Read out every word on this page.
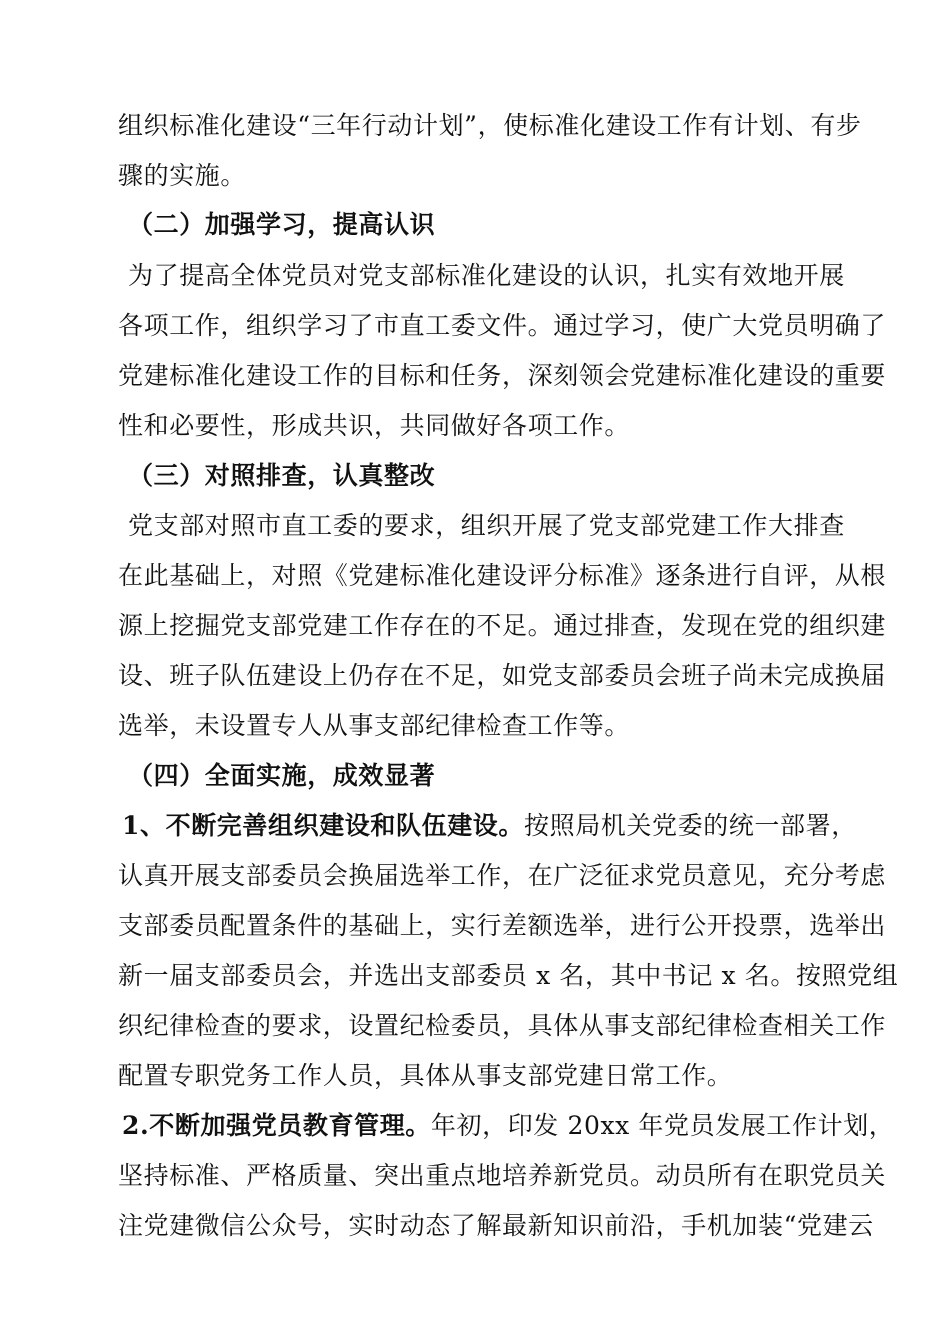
组织标准化建设“三年行动计划”，使标准化建设工作有计划、有步
骤的实施。
（二）加强学习，提高认识
为了提高全体党员对党支部标准化建设的认识，扎实有效地开展
各项工作，组织学习了市直工委文件。通过学习，使广大党员明确了
党建标准化建设工作的目标和任务，深刻领会党建标准化建设的重要
性和必要性，形成共识，共同做好各项工作。
（三）对照排查，认真整改
党支部对照市直工委的要求，组织开展了党支部党建工作大排查
在此基础上，对照《党建标准化建设评分标准》逐条进行自评，从根
源上挖掘党支部党建工作存在的不足。通过排查，发现在党的组织建
设、班子队伍建设上仍存在不足，如党支部委员会班子尚未完成换届
选举，未设置专人从事支部纪律检查工作等。
（四）全面实施，成效显著
1、不断完善组织建设和队伍建设。按照局机关党委的统一部署，
认真开展支部委员会换届选举工作，在广泛征求党员意见，充分考虑
支部委员配置条件的基础上，实行差额选举，进行公开投票，选举出
新一届支部委员会，并选出支部委员 x 名，其中书记 x 名。按照党组
织纪律检查的要求，设置纪检委员，具体从事支部纪律检查相关工作
配置专职党务工作人员，具体从事支部党建日常工作。
2.不断加强党员教育管理。年初，印发 20xx 年党员发展工作计划，
坚持标准、严格质量、突出重点地培养新党员。动员所有在职党员关
注党建微信公众号，实时动态了解最新知识前沿，手机加装“党建云
